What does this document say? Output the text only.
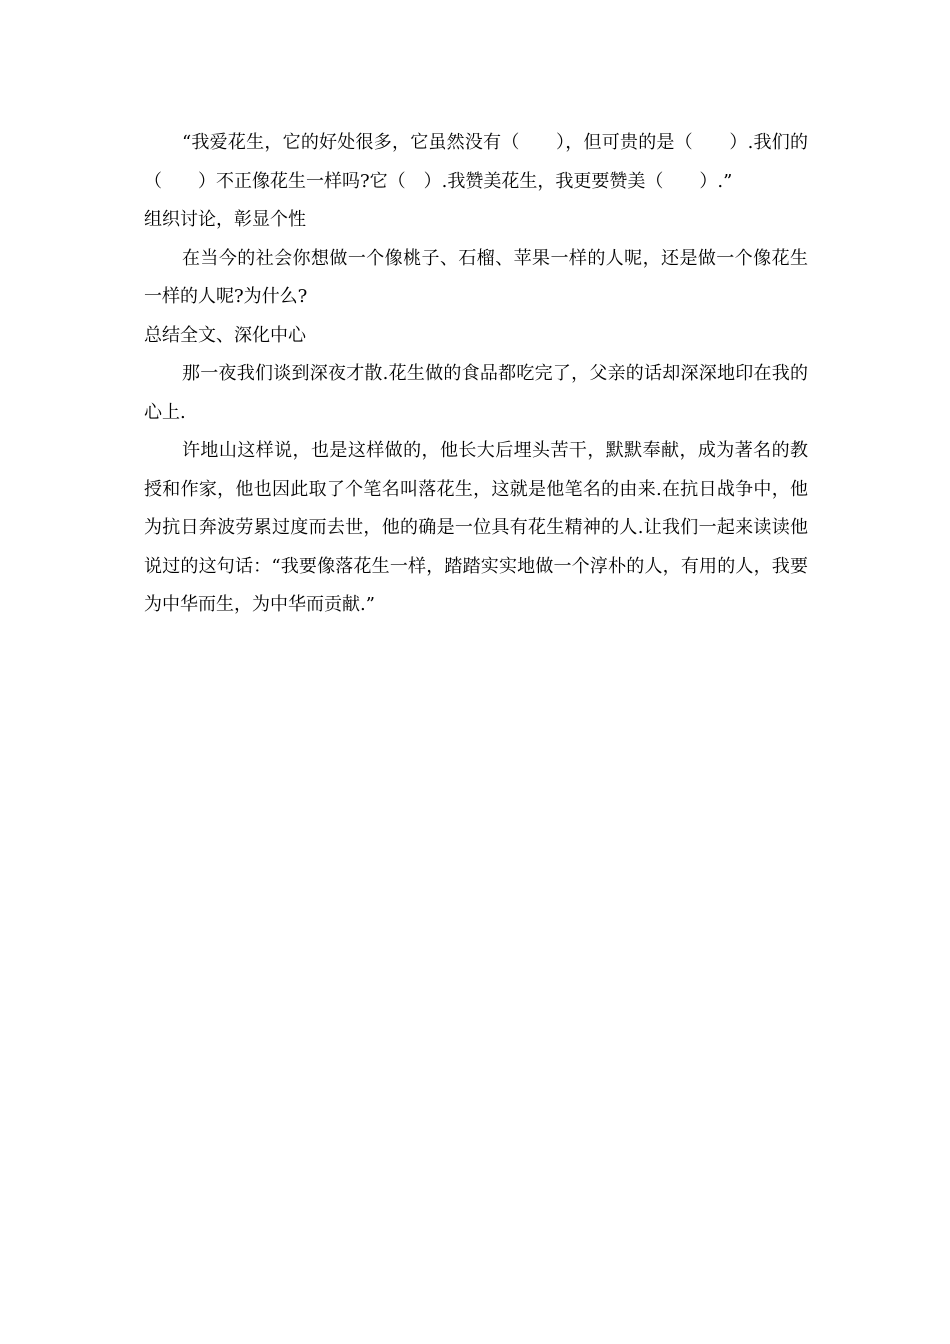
“我爱花生，它的好处很多，它虽然没有（　　），但可贵的是（　　）.我们的（　　）不正像花生一样吗?它（　）.我赞美花生，我更要赞美（　　）.”

组织讨论，彰显个性

在当今的社会你想做一个像桃子、石榴、苹果一样的人呢，还是做一个像花生一样的人呢?为什么?

总结全文、深化中心

那一夜我们谈到深夜才散.花生做的食品都吃完了，父亲的话却深深地印在我的心上.

许地山这样说，也是这样做的，他长大后埋头苦干，默默奉献，成为著名的教授和作家，他也因此取了个笔名叫落花生，这就是他笔名的由来.在抗日战争中，他为抗日奔波劳累过度而去世，他的确是一位具有花生精神的人.让我们一起来读读他说过的这句话：“我要像落花生一样，踏踏实实地做一个淳朴的人，有用的人，我要为中华而生，为中华而贡献.”
